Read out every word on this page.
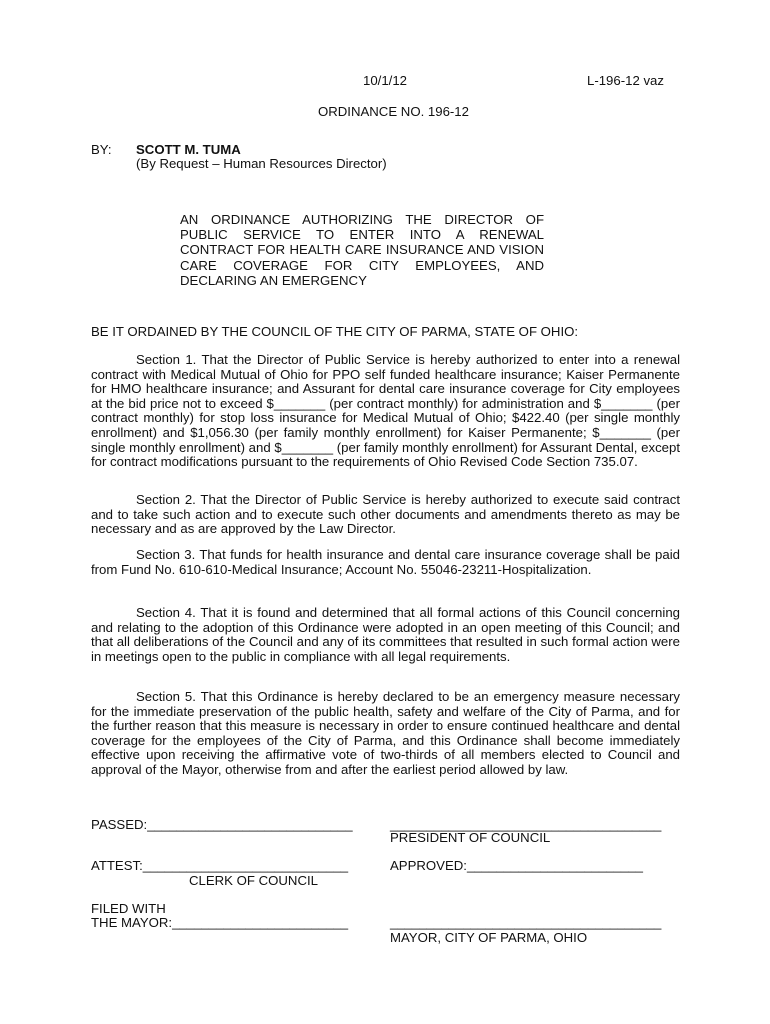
10/1/12	L-196-12 vaz
ORDINANCE NO. 196-12
BY: SCOTT M. TUMA
(By Request – Human Resources Director)
AN ORDINANCE AUTHORIZING THE DIRECTOR OF PUBLIC SERVICE TO ENTER INTO A RENEWAL CONTRACT FOR HEALTH CARE INSURANCE AND VISION CARE COVERAGE FOR CITY EMPLOYEES, AND DECLARING AN EMERGENCY
BE IT ORDAINED BY THE COUNCIL OF THE CITY OF PARMA, STATE OF OHIO:
Section 1. That the Director of Public Service is hereby authorized to enter into a renewal contract with Medical Mutual of Ohio for PPO self funded healthcare insurance; Kaiser Permanente for HMO healthcare insurance; and Assurant for dental care insurance coverage for City employees at the bid price not to exceed $_______ (per contract monthly) for administration and $_______ (per contract monthly) for stop loss insurance for Medical Mutual of Ohio; $422.40 (per single monthly enrollment) and $1,056.30 (per family monthly enrollment) for Kaiser Permanente; $_______ (per single monthly enrollment) and $_______ (per family monthly enrollment) for Assurant Dental, except for contract modifications pursuant to the requirements of Ohio Revised Code Section 735.07.
Section 2. That the Director of Public Service is hereby authorized to execute said contract and to take such action and to execute such other documents and amendments thereto as may be necessary and as are approved by the Law Director.
Section 3. That funds for health insurance and dental care insurance coverage shall be paid from Fund No. 610-610-Medical Insurance; Account No. 55046-23211-Hospitalization.
Section 4. That it is found and determined that all formal actions of this Council concerning and relating to the adoption of this Ordinance were adopted in an open meeting of this Council; and that all deliberations of the Council and any of its committees that resulted in such formal action were in meetings open to the public in compliance with all legal requirements.
Section 5. That this Ordinance is hereby declared to be an emergency measure necessary for the immediate preservation of the public health, safety and welfare of the City of Parma, and for the further reason that this measure is necessary in order to ensure continued healthcare and dental coverage for the employees of the City of Parma, and this Ordinance shall become immediately effective upon receiving the affirmative vote of two-thirds of all members elected to Council and approval of the Mayor, otherwise from and after the earliest period allowed by law.
PASSED:____________________________	_____________________________________
PRESIDENT OF COUNCIL
ATTEST:____________________________
CLERK OF COUNCIL
APPROVED:________________________
FILED WITH
THE MAYOR:________________________	_____________________________________
MAYOR, CITY OF PARMA, OHIO
